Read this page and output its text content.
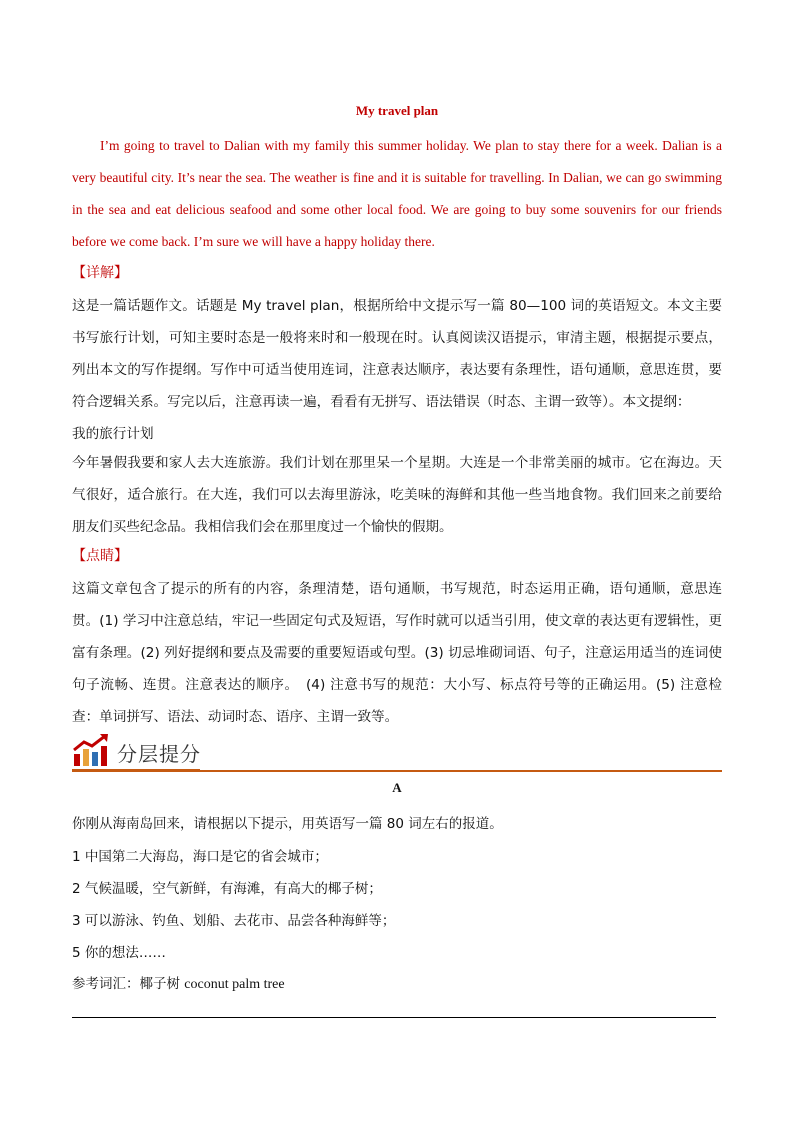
My travel plan

I’m going to travel to Dalian with my family this summer holiday. We plan to stay there for a week. Dalian is a very beautiful city. It’s near the sea. The weather is fine and it is suitable for travelling. In Dalian, we can go swimming in the sea and eat delicious seafood and some other local food. We are going to buy some souvenirs for our friends before we come back. I’m sure we will have a happy holiday there.

【详解】

这是一篇话题作文。话题是 My travel plan，根据所给中文提示写一篇 80—100 词的英语短文。本文主要书写旅行计划，可知主要时态是一般将来时和一般现在时。认真阅读汉语提示，审清主题，根据提示要点，列出本文的写作提纲。写作中可适当使用连词，注意表达顺序，表达要有条理性，语句通顺，意思连贯，要符合逻辑关系。写完以后，注意再读一遍，看看有无拼写、语法错误（时态、主谓一致等）。本文提纲：

我的旅行计划

今年暑假我要和家人去大连旅游。我们计划在那里呆一个星期。大连是一个非常美丽的城市。它在海边。天气很好，适合旅行。在大连，我们可以去海里游泳，吃美味的海鲜和其他一些当地食物。我们回来之前要给朋友们买些纪念品。我相信我们会在那里度过一个愉快的假期。

【点睛】

这篇文章包含了提示的所有的内容，条理清楚，语句通顺，书写规范，时态运用正确，语句通顺，意思连贯。(1) 学习中注意总结，牢记一些固定句式及短语，写作时就可以适当引用，使文章的表达更有逻辑性，更富有条理。(2) 列好提纲和要点及需要的重要短语或句型。(3) 切忌堆砌词语、句子，注意运用适当的连词使句子流畅、连贯。注意表达的顺序。　(4) 注意书写的规范：大小写、标点符号等的正确运用。(5) 注意检查：单词拼写、语法、动词时态、语序、主谓一致等。

分层提分
A
你刚从海南岛回来，请根据以下提示，用英语写一篇 80 词左右的报道。
1 中国第二大海岛，海口是它的省会城市；
2 气候温暖，空气新鲜，有海滩，有高大的椰子树；
3 可以游泳、钓鱼、划船、去花市、品尝各种海鲜等；
5 你的想法……
参考词汇：椰子树 coconut palm tree
